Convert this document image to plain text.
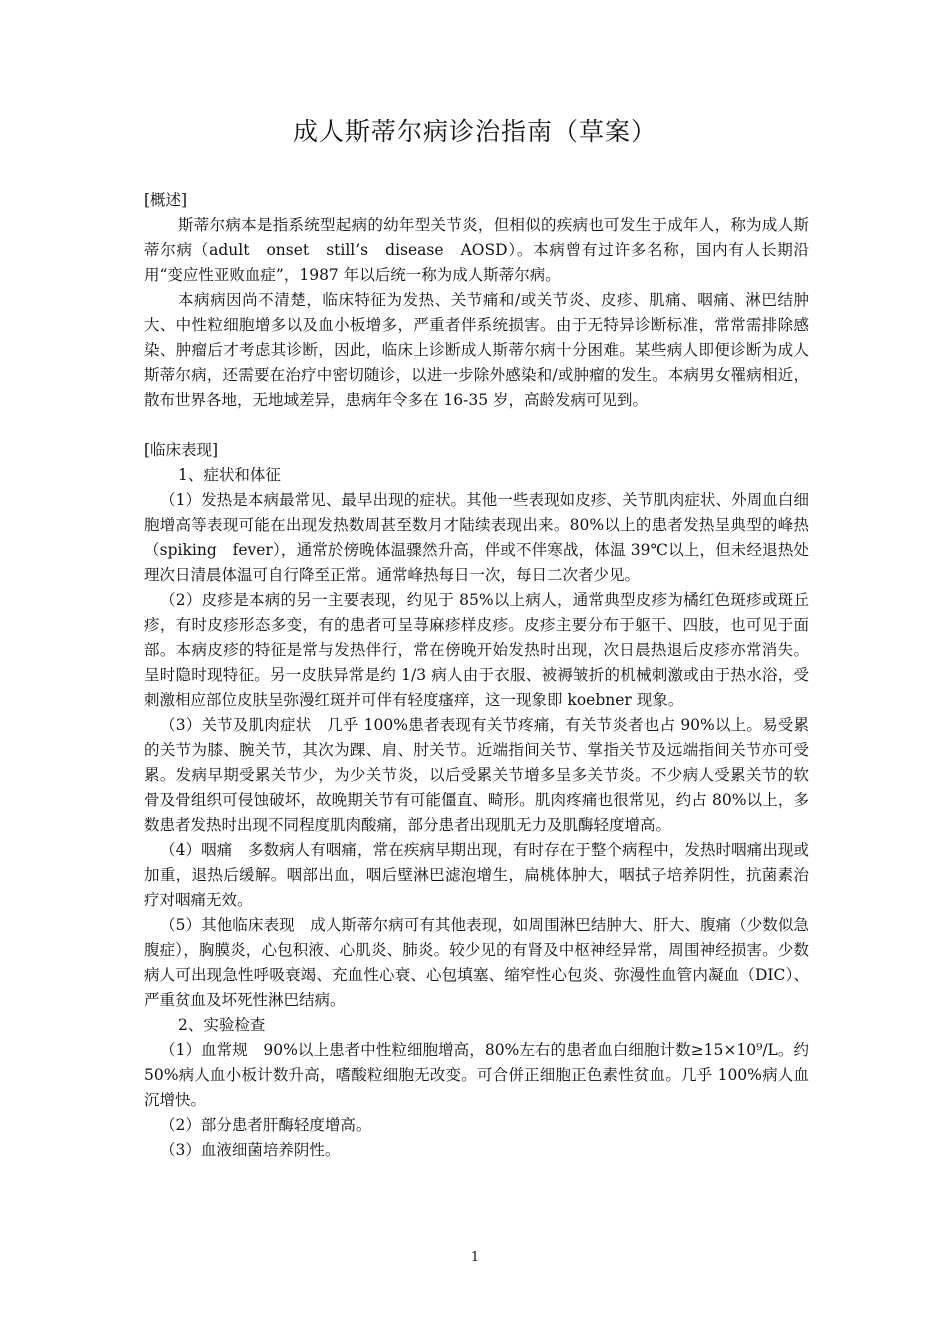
成人斯蒂尔病诊治指南（草案）

[概述]

斯蒂尔病本是指系统型起病的幼年型关节炎，但相似的疾病也可发生于成年人，称为成人斯蒂尔病（adult　onset　still’s　disease　AOSD）。本病曾有过许多名称，国内有人长期沿用“变应性亚败血症”，1987 年以后统一称为成人斯蒂尔病。

本病病因尚不清楚，临床特征为发热、关节痛和/或关节炎、皮疹、肌痛、咽痛、淋巴结肿大、中性粒细胞增多以及血小板增多，严重者伴系统损害。由于无特异诊断标准，常常需排除感染、肿瘤后才考虑其诊断，因此，临床上诊断成人斯蒂尔病十分困难。某些病人即便诊断为成人斯蒂尔病，还需要在治疗中密切随诊，以进一步除外感染和/或肿瘤的发生。本病男女罹病相近，散布世界各地，无地域差异，患病年令多在 16-35 岁，高龄发病可见到。

[临床表现]

1、症状和体征

（1）发热是本病最常见、最早出现的症状。其他一些表现如皮疹、关节肌肉症状、外周血白细胞增高等表现可能在出现发热数周甚至数月才陆续表现出来。80%以上的患者发热呈典型的峰热（spiking　fever），通常於傍晚体温骤然升高，伴或不伴寒战，体温 39℃以上，但未经退热处理次日清晨体温可自行降至正常。通常峰热每日一次，每日二次者少见。

（2）皮疹是本病的另一主要表现，约见于 85%以上病人，通常典型皮疹为橘红色斑疹或斑丘疹，有时皮疹形态多变，有的患者可呈荨麻疹样皮疹。皮疹主要分布于躯干、四肢，也可见于面部。本病皮疹的特征是常与发热伴行，常在傍晚开始发热时出现，次日晨热退后皮疹亦常消失。呈时隐时现特征。另一皮肤异常是约 1/3 病人由于衣服、被褥皱折的机械刺激或由于热水浴，受刺激相应部位皮肤呈弥漫红斑并可伴有轻度瘙痒，这一现象即 koebner 现象。

（3）关节及肌肉症状　几乎 100%患者表现有关节疼痛，有关节炎者也占 90%以上。易受累的关节为膝、腕关节，其次为踝、肩、肘关节。近端指间关节、掌指关节及远端指间关节亦可受累。发病早期受累关节少，为少关节炎，以后受累关节增多呈多关节炎。不少病人受累关节的软骨及骨组织可侵蚀破坏，故晚期关节有可能僵直、畸形。肌肉疼痛也很常见，约占 80%以上，多数患者发热时出现不同程度肌肉酸痛，部分患者出现肌无力及肌酶轻度增高。

（4）咽痛　多数病人有咽痛，常在疾病早期出现，有时存在于整个病程中，发热时咽痛出现或加重，退热后缓解。咽部出血，咽后壁淋巴滤泡增生，扁桃体肿大，咽拭子培养阴性，抗菌素治疗对咽痛无效。

（5）其他临床表现　成人斯蒂尔病可有其他表现，如周围淋巴结肿大、肝大、腹痛（少数似急腹症），胸膜炎，心包积液、心肌炎、肺炎。较少见的有肾及中枢神经异常，周围神经损害。少数病人可出现急性呼吸衰竭、充血性心衰、心包填塞、缩窄性心包炎、弥漫性血管内凝血（DIC）、严重贫血及坏死性淋巴结病。

2、实验检查

（1）血常规　90%以上患者中性粒细胞增高，80%左右的患者血白细胞计数≥15×10⁹/L。约 50%病人血小板计数升高，嗜酸粒细胞无改变。可合併正细胞正色素性贫血。几乎 100%病人血沉增快。

（2）部分患者肝酶轻度增高。

（3）血液细菌培养阴性。

1
